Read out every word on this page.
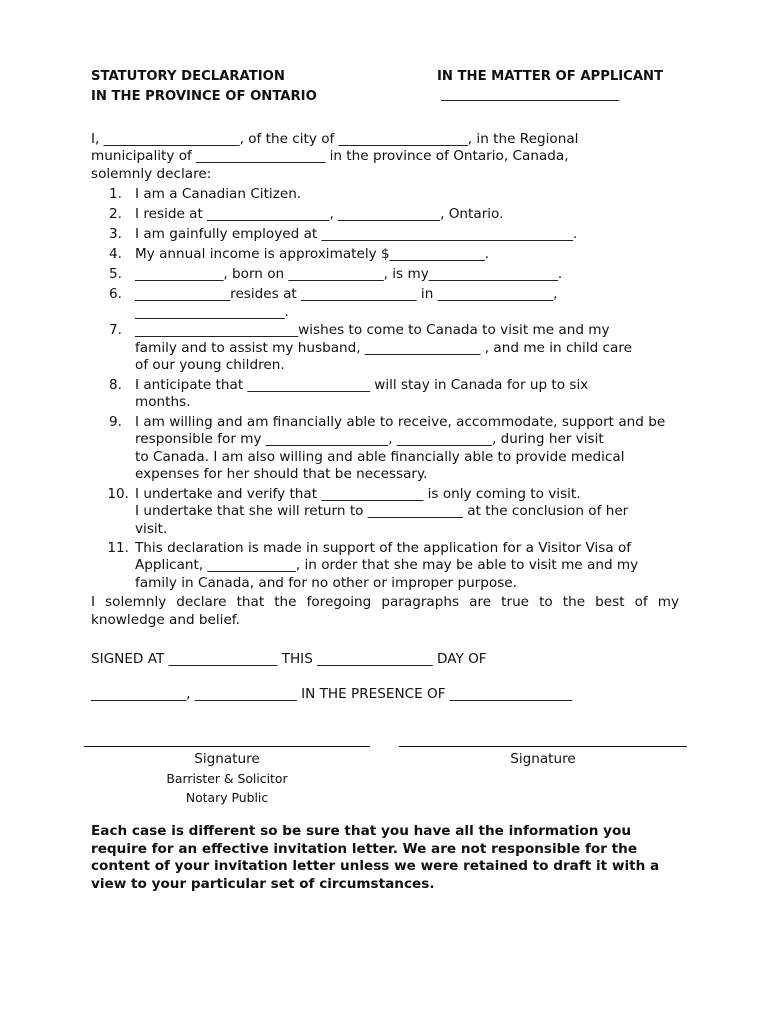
STATUTORY DECLARATION
IN THE PROVINCE OF ONTARIO
IN THE MATTER OF APPLICANT
___________________________
I, ____________________, of the city of ___________________, in the Regional
municipality of ___________________ in the province of Ontario, Canada,
solemnly declare:
1. I am a Canadian Citizen.
2. I reside at __________________, _______________, Ontario.
3. I am gainfully employed at _____________________________________.
4. My annual income is approximately $______________.
5. _____________, born on ______________, is my___________________.
6. ______________resides at _________________ in _________________,
______________________.
7. ________________________wishes to come to Canada to visit me and my
family and to assist my husband, _________________ , and me in child care
of our young children.
8. I anticipate that __________________ will stay in Canada for up to six
months.
9. I am willing and am financially able to receive, accommodate, support and be
responsible for my __________________, ______________, during her visit
to Canada. I am also willing and able financially able to provide medical
expenses for her should that be necessary.
10. I undertake and verify that _______________ is only coming to visit.
I undertake that she will return to ______________ at the conclusion of her
visit.
11. This declaration is made in support of the application for a Visitor Visa of
Applicant, _____________, in order that she may be able to visit me and my
family in Canada, and for no other or improper purpose.
I solemnly declare that the foregoing paragraphs are true to the best of my knowledge and belief.
SIGNED AT ________________ THIS _________________ DAY OF
______________, _______________ IN THE PRESENCE OF __________________
Signature
Barrister & Solicitor
Notary Public
Signature
Each case is different so be sure that you have all the information you require for an effective invitation letter. We are not responsible for the content of your invitation letter unless we were retained to draft it with a view to your particular set of circumstances.
